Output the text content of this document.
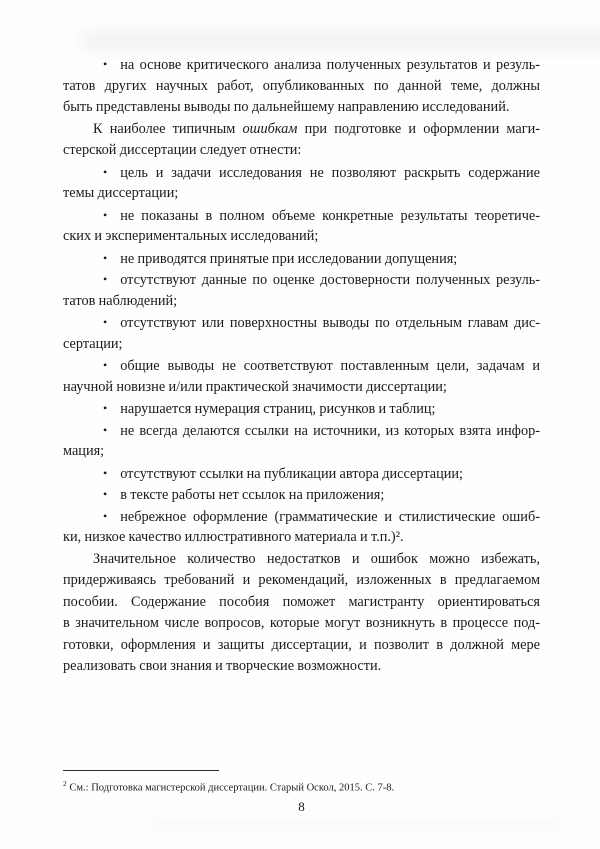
• на основе критического анализа полученных результатов и резуль-
татов других научных работ, опубликованных по данной теме, должны
быть представлены выводы по дальнейшему направлению исследований.
К наиболее типичным ошибкам при подготовке и оформлении маги-
стерской диссертации следует отнести:
• цель и задачи исследования не позволяют раскрыть содержание
темы диссертации;
• не показаны в полном объеме конкретные результаты теоретиче-
ских и экспериментальных исследований;
• не приводятся принятые при исследовании допущения;
• отсутствуют данные по оценке достоверности полученных резуль-
татов наблюдений;
• отсутствуют или поверхностны выводы по отдельным главам дис-
сертации;
• общие выводы не соответствуют поставленным цели, задачам и
научной новизне и/или практической значимости диссертации;
• нарушается нумерация страниц, рисунков и таблиц;
• не всегда делаются ссылки на источники, из которых взята инфор-
мация;
• отсутствуют ссылки на публикации автора диссертации;
• в тексте работы нет ссылок на приложения;
• небрежное оформление (грамматические и стилистические ошиб-
ки, низкое качество иллюстративного материала и т.п.)².
Значительное количество недостатков и ошибок можно избежать,
придерживаясь требований и рекомендаций, изложенных в предлагаемом
пособии. Содержание пособия поможет магистранту ориентироваться
в значительном числе вопросов, которые могут возникнуть в процессе под-
готовки, оформления и защиты диссертации, и позволит в должной мере
реализовать свои знания и творческие возможности.
$^2$ См.: Подготовка магистерской диссертации. Старый Оскол, 2015. С. 7-8.
8
